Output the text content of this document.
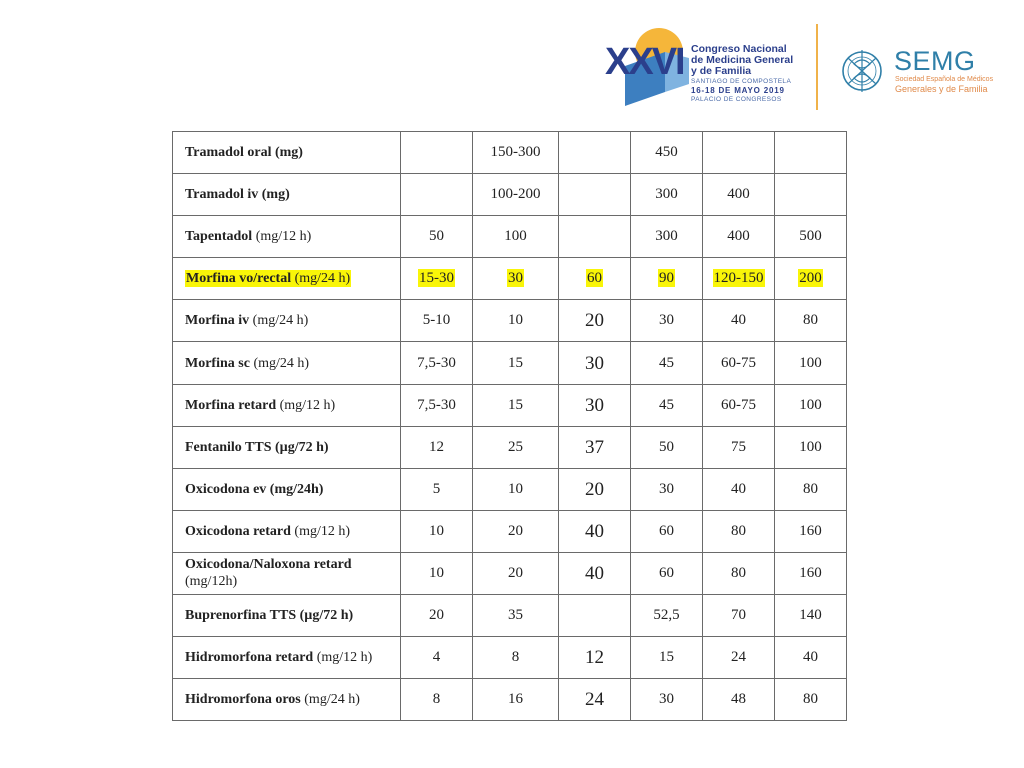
XXVI Congreso Nacional
de Medicina General
y de Familia
SANTIAGO DE COMPOSTELA
16-18 DE MAYO 2019
PALACIO DE CONGRESOS
SEMG
Sociedad Española de Médicos
Generales y de Familia
Tramadol oral (mg)		150-300		450		
Tramadol iv (mg)		100-200		300	400	
Tapentadol (mg/12 h)	50	100		300	400	500
Morfina vo/rectal (mg/24 h)	15-30	30	60	90	120-150	200
Morfina iv (mg/24 h)	5-10	10	20	30	40	80
Morfina sc (mg/24 h)	7,5-30	15	30	45	60-75	100
Morfina retard (mg/12 h)	7,5-30	15	30	45	60-75	100
Fentanilo TTS (µg/72 h)	12	25	37	50	75	100
Oxicodona ev (mg/24h)	5	10	20	30	40	80
Oxicodona retard (mg/12 h)	10	20	40	60	80	160
Oxicodona/Naloxona retard
(mg/12h)	10	20	40	60	80	160
Buprenorfina TTS (µg/72 h)	20	35		52,5	70	140
Hidromorfona retard (mg/12 h)	4	8	12	15	24	40
Hidromorfona oros (mg/24 h)	8	16	24	30	48	80
